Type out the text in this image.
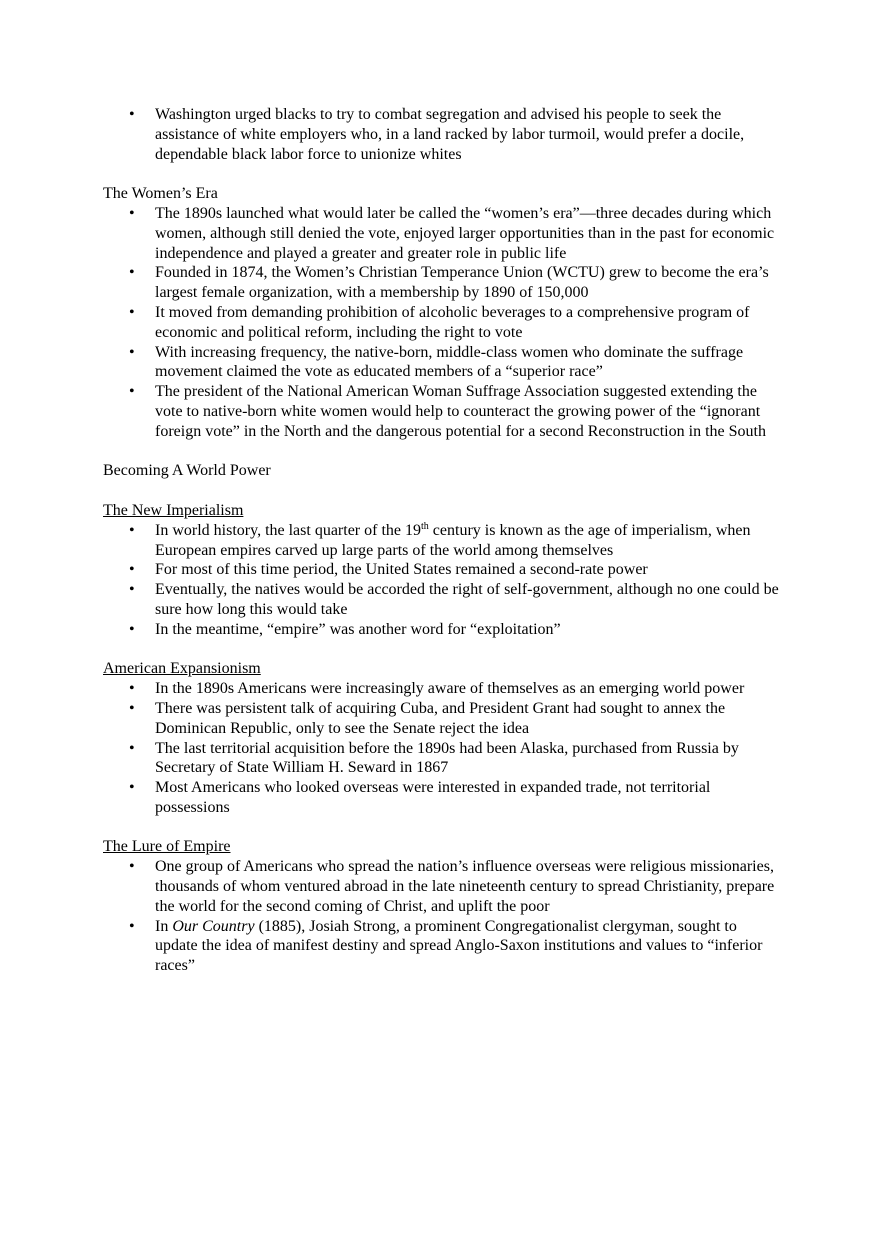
•	Washington urged blacks to try to combat segregation and advised his people to seek the assistance of white employers who, in a land racked by labor turmoil, would prefer a docile, dependable black labor force to unionize whites

The Women’s Era

•	The 1890s launched what would later be called the “women’s era”—three decades during which women, although still denied the vote, enjoyed larger opportunities than in the past for economic independence and played a greater and greater role in public life
•	Founded in 1874, the Women’s Christian Temperance Union (WCTU) grew to become the era’s largest female organization, with a membership by 1890 of 150,000
•	It moved from demanding prohibition of alcoholic beverages to a comprehensive program of economic and political reform, including the right to vote
•	With increasing frequency, the native-born, middle-class women who dominate the suffrage movement claimed the vote as educated members of a “superior race”
•	The president of the National American Woman Suffrage Association suggested extending the vote to native-born white women would help to counteract the growing power of the “ignorant foreign vote” in the North and the dangerous potential for a second Reconstruction in the South

Becoming A World Power

The New Imperialism

•	In world history, the last quarter of the 19th century is known as the age of imperialism, when European empires carved up large parts of the world among themselves
•	For most of this time period, the United States remained a second-rate power
•	Eventually, the natives would be accorded the right of self-government, although no one could be sure how long this would take
•	In the meantime, “empire” was another word for “exploitation”

American Expansionism

•	In the 1890s Americans were increasingly aware of themselves as an emerging world power
•	There was persistent talk of acquiring Cuba, and President Grant had sought to annex the Dominican Republic, only to see the Senate reject the idea
•	The last territorial acquisition before the 1890s had been Alaska, purchased from Russia by Secretary of State William H. Seward in 1867
•	Most Americans who looked overseas were interested in expanded trade, not territorial possessions

The Lure of Empire

•	One group of Americans who spread the nation’s influence overseas were religious missionaries, thousands of whom ventured abroad in the late nineteenth century to spread Christianity, prepare the world for the second coming of Christ, and uplift the poor
•	In Our Country (1885), Josiah Strong, a prominent Congregationalist clergyman, sought to update the idea of manifest destiny and spread Anglo-Saxon institutions and values to “inferior races”
